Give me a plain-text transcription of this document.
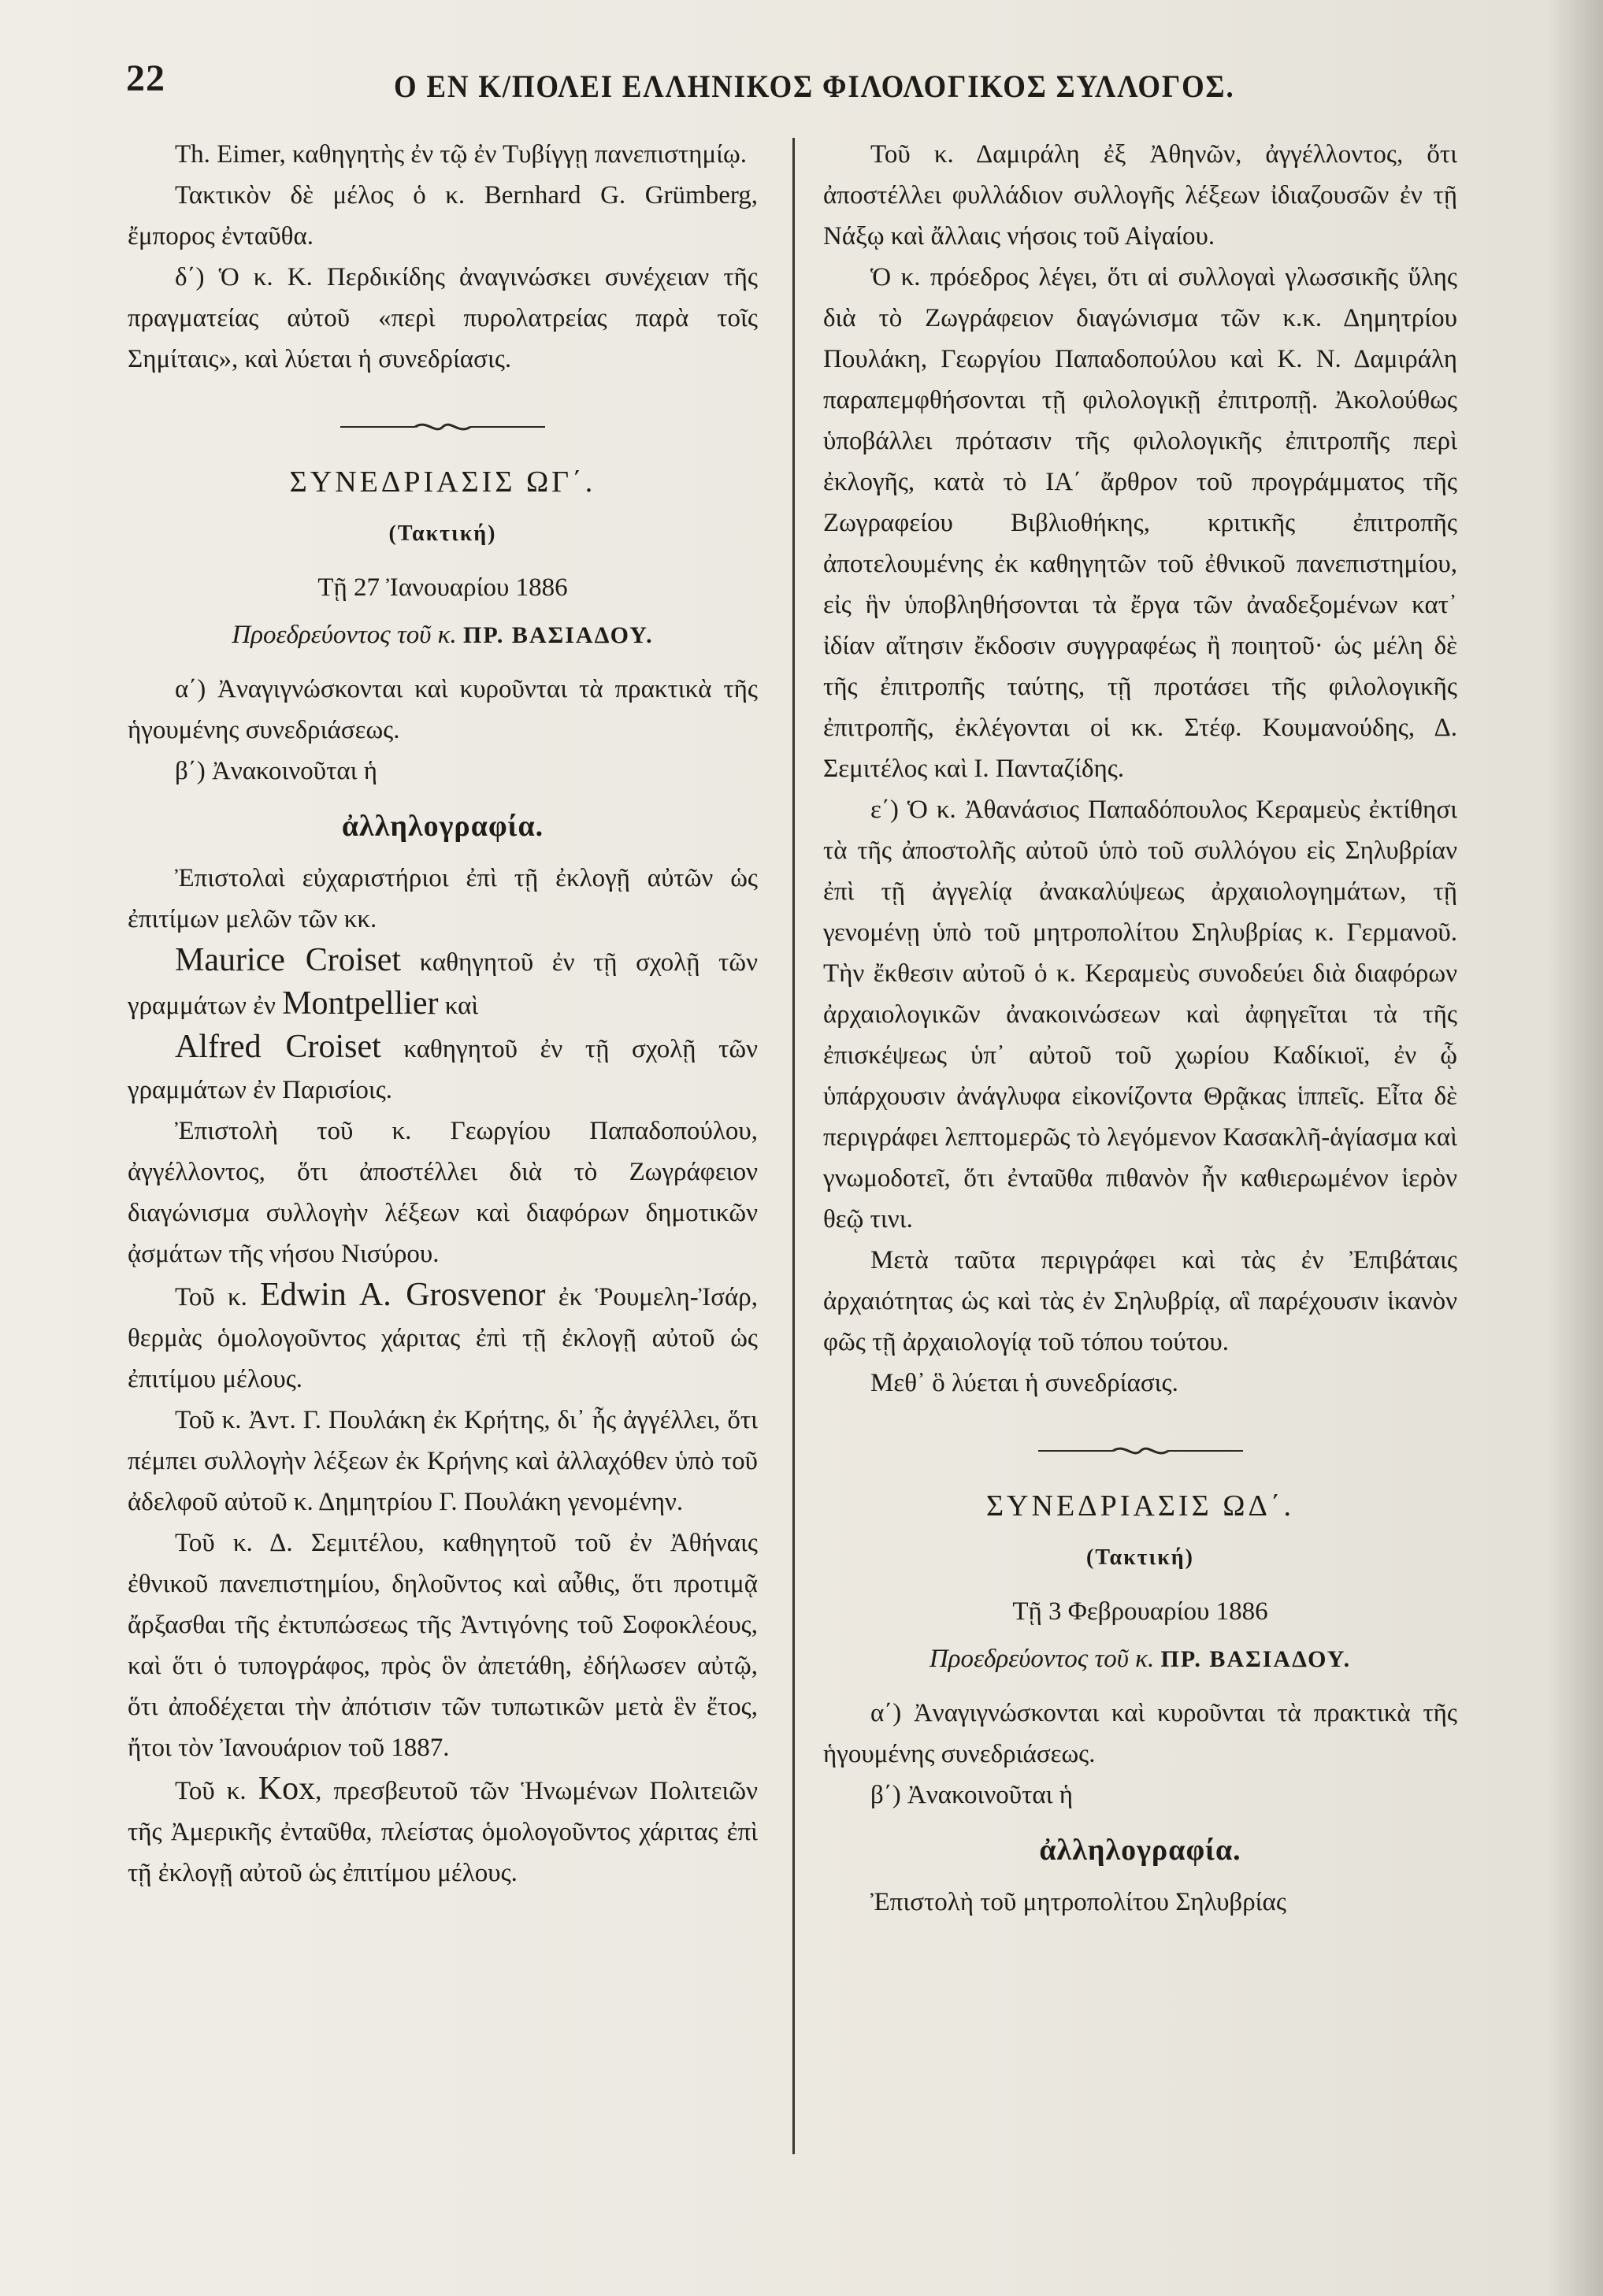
22	Ο ΕΝ Κ/ΠΟΛΕΙ ΕΛΛΗΝΙΚΟΣ ΦΙΛΟΛΟΓΙΚΟΣ ΣΥΛΛΟΓΟΣ.

Th. Eimer, καθηγητὴς ἐν τῷ ἐν Τυβίγγῃ πανεπιστημίῳ.

Τακτικὸν δὲ μέλος ὁ κ. Bernhard G. Grümberg, ἔμπορος ἐνταῦθα.

δ΄) Ὁ κ. Κ. Περδικίδης ἀναγινώσκει συνέχειαν τῆς πραγματείας αὐτοῦ «περὶ πυρολατρείας παρὰ τοῖς Σημίταις», καὶ λύεται ἡ συνεδρίασις.

ΣΥΝΕΔΡΙΑΣΙΣ ΩΓ΄.
(Τακτική)
Τῇ 27 Ἰανουαρίου 1886
Προεδρεύοντος τοῦ κ. ΠΡ. ΒΑΣΙΑΔΟΥ.

α΄) Ἀναγιγνώσκονται καὶ κυροῦνται τὰ πρακτικὰ τῆς ἡγουμένης συνεδριάσεως.

β΄) Ἀνακοινοῦται ἡ

ἀλληλογραφία.

Ἐπιστολαὶ εὐχαριστήριοι ἐπὶ τῇ ἐκλογῇ αὐτῶν ὡς ἐπιτίμων μελῶν τῶν κκ.

Maurice Croiset καθηγητοῦ ἐν τῇ σχολῇ τῶν γραμμάτων ἐν Montpellier καὶ

Alfred Croiset καθηγητοῦ ἐν τῇ σχολῇ τῶν γραμμάτων ἐν Παρισίοις.

Ἐπιστολὴ τοῦ κ. Γεωργίου Παπαδοπούλου, ἀγγέλλοντος, ὅτι ἀποστέλλει διὰ τὸ Ζωγράφειον διαγώνισμα συλλογὴν λέξεων καὶ διαφόρων δημοτικῶν ᾀσμάτων τῆς νήσου Νισύρου.

Τοῦ κ. Edwin A. Grosvenor ἐκ Ῥουμελη-Ἰσάρ, θερμὰς ὁμολογοῦντος χάριτας ἐπὶ τῇ ἐκλογῇ αὐτοῦ ὡς ἐπιτίμου μέλους.

Τοῦ κ. Ἀντ. Γ. Πουλάκη ἐκ Κρήτης, δι᾽ ἧς ἀγγέλλει, ὅτι πέμπει συλλογὴν λέξεων ἐκ Κρήνης καὶ ἀλλαχόθεν ὑπὸ τοῦ ἀδελφοῦ αὐτοῦ κ. Δημητρίου Γ. Πουλάκη γενομένην.

Τοῦ κ. Δ. Σεμιτέλου, καθηγητοῦ τοῦ ἐν Ἀθήναις ἐθνικοῦ πανεπιστημίου, δηλοῦντος καὶ αὖθις, ὅτι προτιμᾷ ἄρξασθαι τῆς ἐκτυπώσεως τῆς Ἀντιγόνης τοῦ Σοφοκλέους, καὶ ὅτι ὁ τυπογράφος, πρὸς ὃν ἀπετάθη, ἐδήλωσεν αὐτῷ, ὅτι ἀποδέχεται τὴν ἀπότισιν τῶν τυπωτικῶν μετὰ ἓν ἔτος, ἤτοι τὸν Ἰανουάριον τοῦ 1887.

Τοῦ κ. Kox, πρεσβευτοῦ τῶν Ἡνωμένων Πολιτειῶν τῆς Ἀμερικῆς ἐνταῦθα, πλείστας ὁμολογοῦντος χάριτας ἐπὶ τῇ ἐκλογῇ αὐτοῦ ὡς ἐπιτίμου μέλους.

Τοῦ κ. Δαμιράλη ἐξ Ἀθηνῶν, ἀγγέλλοντος, ὅτι ἀποστέλλει φυλλάδιον συλλογῆς λέξεων ἰδιαζουσῶν ἐν τῇ Νάξῳ καὶ ἄλλαις νήσοις τοῦ Αἰγαίου.

Ὁ κ. πρόεδρος λέγει, ὅτι αἱ συλλογαὶ γλωσσικῆς ὕλης διὰ τὸ Ζωγράφειον διαγώνισμα τῶν κ.κ. Δημητρίου Πουλάκη, Γεωργίου Παπαδοπούλου καὶ Κ. Ν. Δαμιράλη παραπεμφθήσονται τῇ φιλολογικῇ ἐπιτροπῇ. Ἀκολούθως ὑποβάλλει πρότασιν τῆς φιλολογικῆς ἐπιτροπῆς περὶ ἐκλογῆς, κατὰ τὸ ΙΑ΄ ἄρθρον τοῦ προγράμματος τῆς Ζωγραφείου Βιβλιοθήκης, κριτικῆς ἐπιτροπῆς ἀποτελουμένης ἐκ καθηγητῶν τοῦ ἐθνικοῦ πανεπιστημίου, εἰς ἣν ὑποβληθήσονται τὰ ἔργα τῶν ἀναδεξομένων κατ᾽ ἰδίαν αἴτησιν ἔκδοσιν συγγραφέως ἢ ποιητοῦ· ὡς μέλη δὲ τῆς ἐπιτροπῆς ταύτης, τῇ προτάσει τῆς φιλολογικῆς ἐπιτροπῆς, ἐκλέγονται οἱ κκ. Στέφ. Κουμανούδης, Δ. Σεμιτέλος καὶ Ι. Πανταζίδης.

ε΄) Ὁ κ. Ἀθανάσιος Παπαδόπουλος Κεραμεὺς ἐκτίθησι τὰ τῆς ἀποστολῆς αὐτοῦ ὑπὸ τοῦ συλλόγου εἰς Σηλυβρίαν ἐπὶ τῇ ἀγγελίᾳ ἀνακαλύψεως ἀρχαιολογημάτων, τῇ γενομένῃ ὑπὸ τοῦ μητροπολίτου Σηλυβρίας κ. Γερμανοῦ. Τὴν ἔκθεσιν αὐτοῦ ὁ κ. Κεραμεὺς συνοδεύει διὰ διαφόρων ἀρχαιολογικῶν ἀνακοινώσεων καὶ ἀφηγεῖται τὰ τῆς ἐπισκέψεως ὑπ᾽ αὐτοῦ τοῦ χωρίου Καδίκιοϊ, ἐν ᾧ ὑπάρχουσιν ἀνάγλυφα εἰκονίζοντα Θρᾷκας ἱππεῖς. Εἶτα δὲ περιγράφει λεπτομερῶς τὸ λεγόμενον Κασακλῆ-ἁγίασμα καὶ γνωμοδοτεῖ, ὅτι ἐνταῦθα πιθανὸν ἦν καθιερωμένον ἱερὸν θεῷ τινι.

Μετὰ ταῦτα περιγράφει καὶ τὰς ἐν Ἐπιβάταις ἀρχαιότητας ὡς καὶ τὰς ἐν Σηλυβρίᾳ, αἳ παρέχουσιν ἱκανὸν φῶς τῇ ἀρχαιολογίᾳ τοῦ τόπου τούτου.

Μεθ᾽ ὃ λύεται ἡ συνεδρίασις.

ΣΥΝΕΔΡΙΑΣΙΣ ΩΔ΄.
(Τακτική)
Τῇ 3 Φεβρουαρίου 1886
Προεδρεύοντος τοῦ κ. ΠΡ. ΒΑΣΙΑΔΟΥ.

α΄) Ἀναγιγνώσκονται καὶ κυροῦνται τὰ πρακτικὰ τῆς ἡγουμένης συνεδριάσεως.

β΄) Ἀνακοινοῦται ἡ

ἀλληλογραφία.

Ἐπιστολὴ τοῦ μητροπολίτου Σηλυβρίας
